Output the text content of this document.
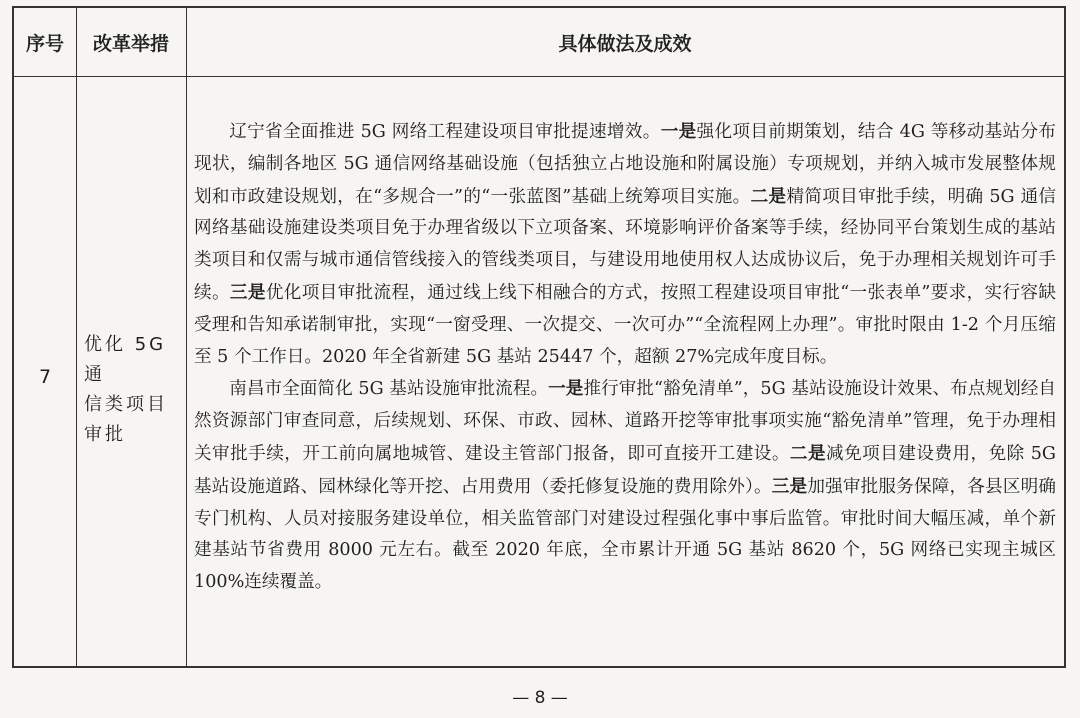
序号	改革举措	具体做法及成效
7
优化 5G 通
信类项目
审批

辽宁省全面推进 5G 网络工程建设项目审批提速增效。一是强化项目前期策划，结合 4G 等移动基站分布现状，编制各地区 5G 通信网络基础设施（包括独立占地设施和附属设施）专项规划，并纳入城市发展整体规划和市政建设规划，在“多规合一”的“一张蓝图”基础上统筹项目实施。二是精简项目审批手续，明确 5G 通信网络基础设施建设类项目免于办理省级以下立项备案、环境影响评价备案等手续，经协同平台策划生成的基站类项目和仅需与城市通信管线接入的管线类项目，与建设用地使用权人达成协议后，免于办理相关规划许可手续。三是优化项目审批流程，通过线上线下相融合的方式，按照工程建设项目审批“一张表单”要求，实行容缺受理和告知承诺制审批，实现“一窗受理、一次提交、一次可办”“全流程网上办理”。审批时限由 1-2 个月压缩至 5 个工作日。2020 年全省新建 5G 基站 25447 个，超额 27%完成年度目标。

南昌市全面简化 5G 基站设施审批流程。一是推行审批“豁免清单”，5G 基站设施设计效果、布点规划经自然资源部门审查同意，后续规划、环保、市政、园林、道路开挖等审批事项实施“豁免清单”管理，免于办理相关审批手续，开工前向属地城管、建设主管部门报备，即可直接开工建设。二是减免项目建设费用，免除 5G 基站设施道路、园林绿化等开挖、占用费用（委托修复设施的费用除外）。三是加强审批服务保障，各县区明确专门机构、人员对接服务建设单位，相关监管部门对建设过程强化事中事后监管。审批时间大幅压减，单个新建基站节省费用 8000 元左右。截至 2020 年底，全市累计开通 5G 基站 8620 个，5G 网络已实现主城区 100%连续覆盖。

— 8 —
